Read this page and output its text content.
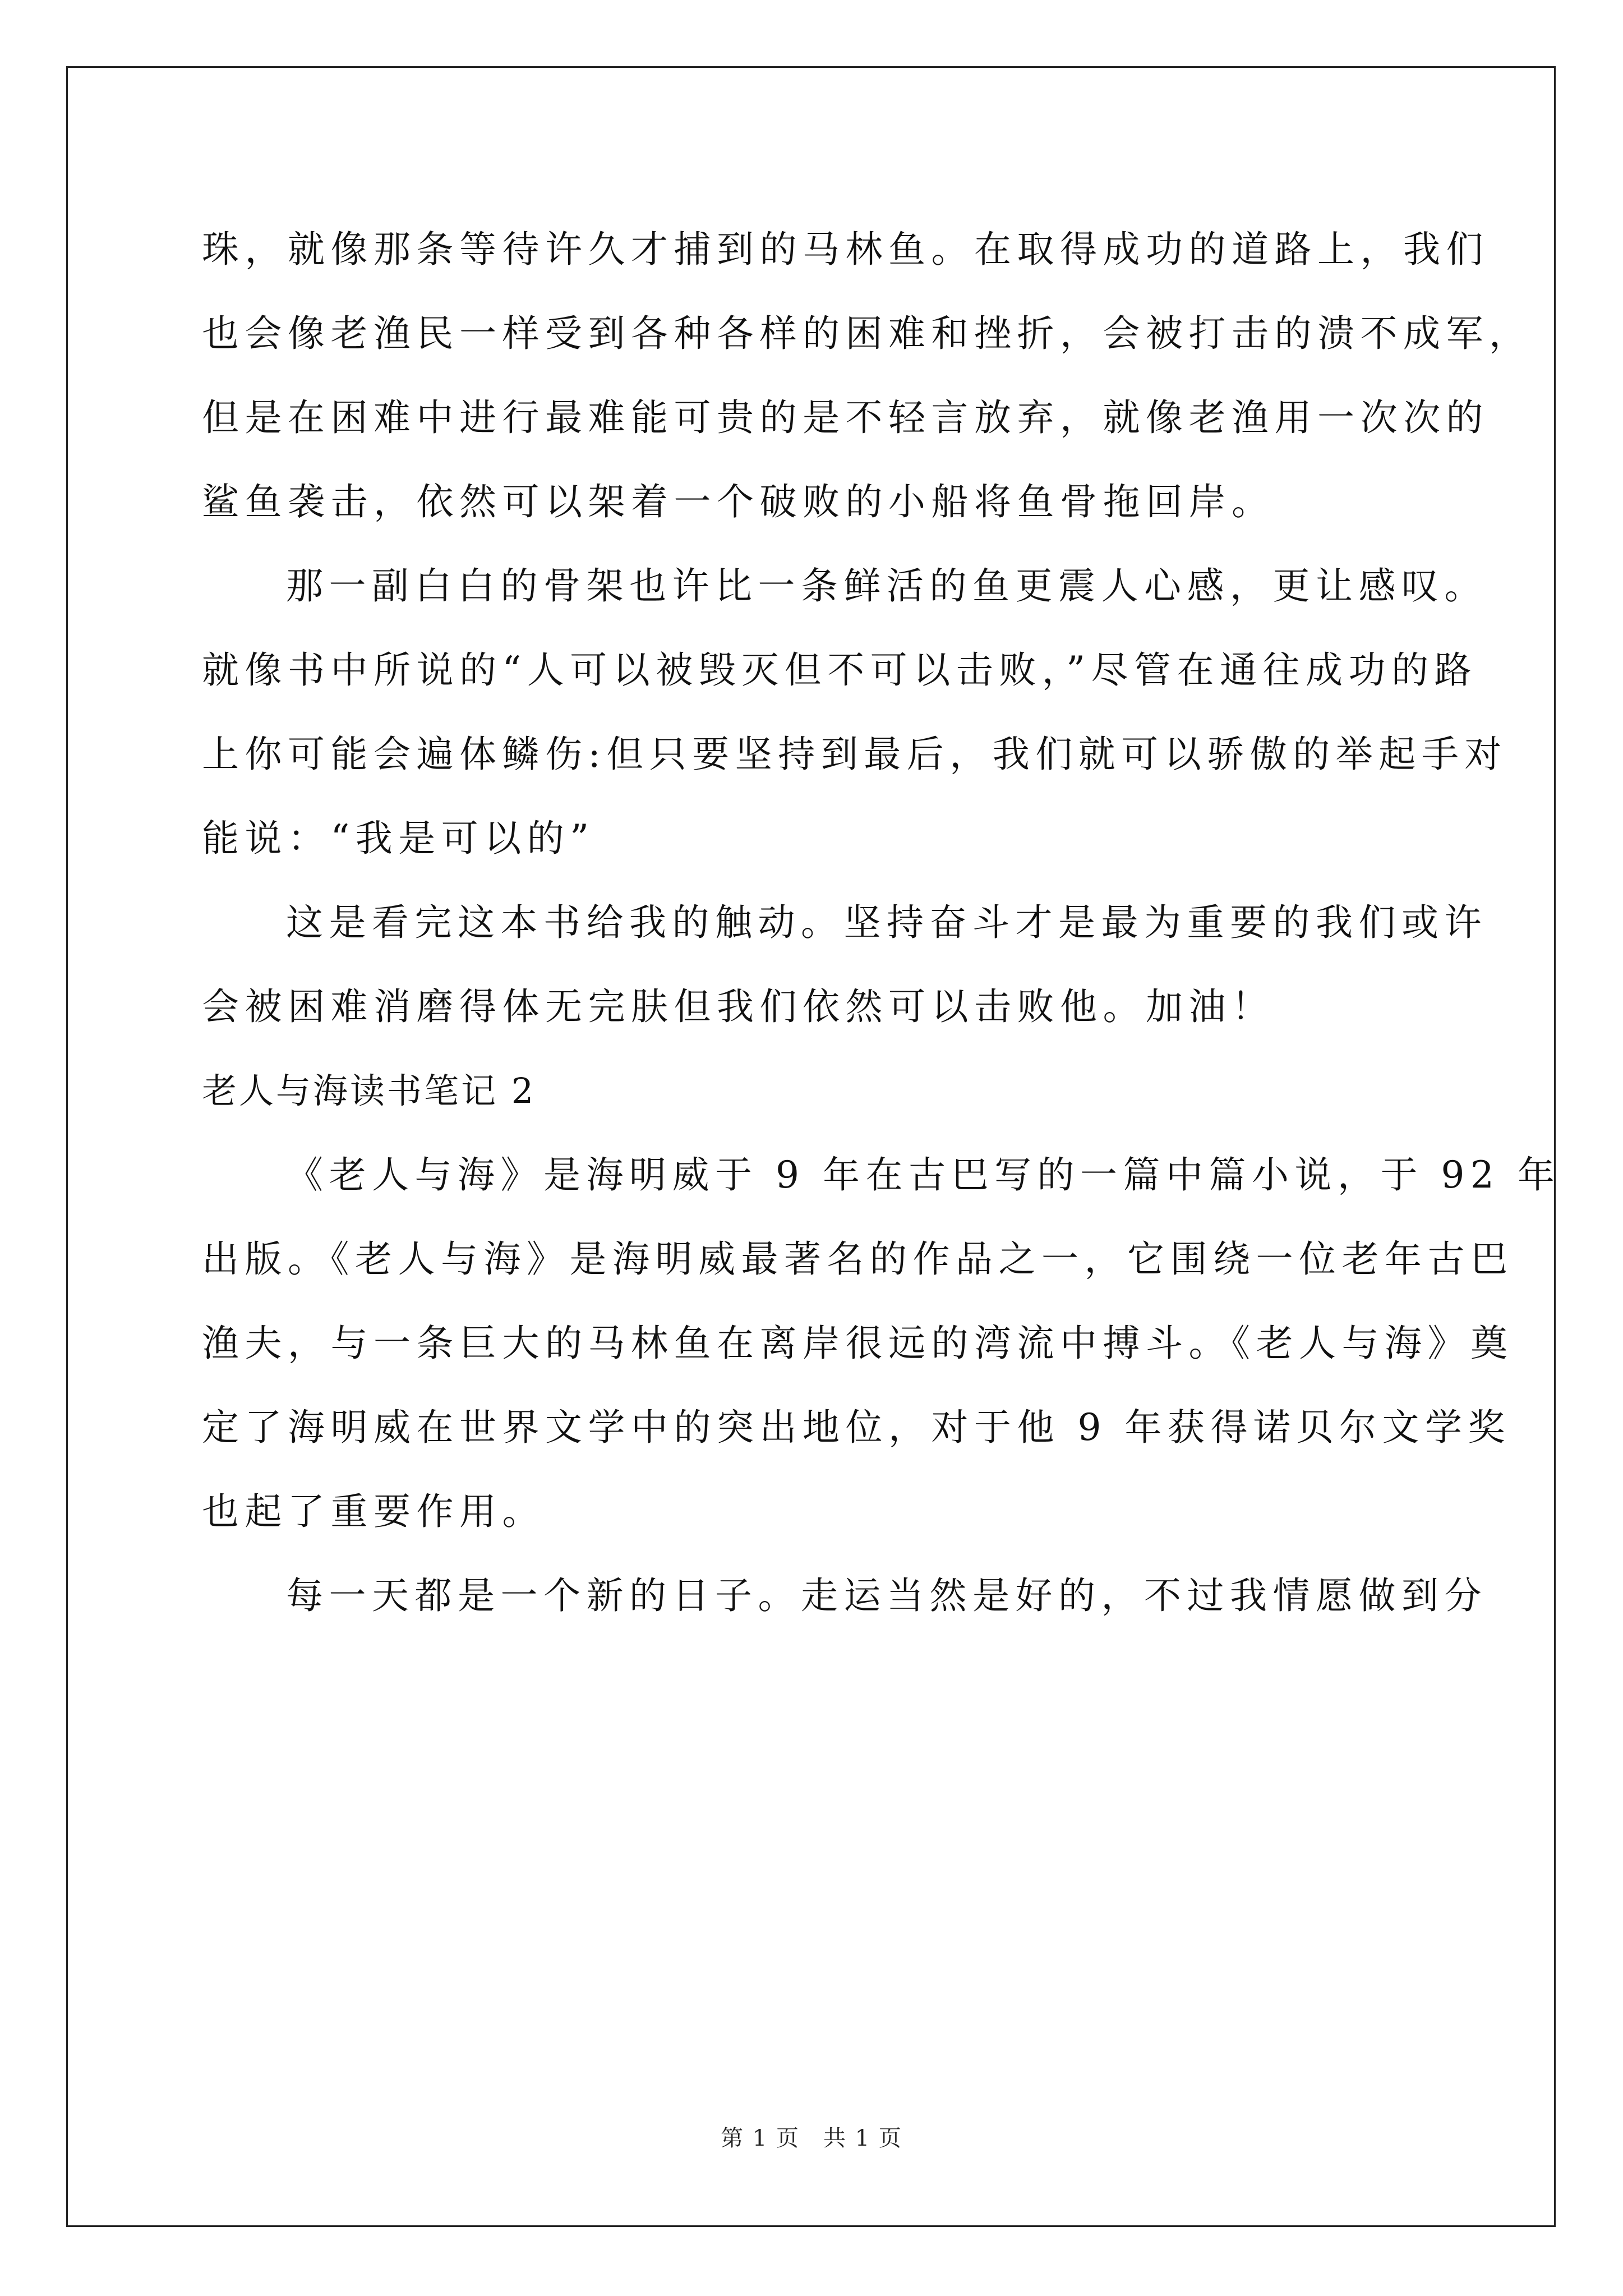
珠，就像那条等待许久才捕到的马林鱼。在取得成功的道路上，我们
也会像老渔民一样受到各种各样的困难和挫折，会被打击的溃不成军，
但是在困难中进行最难能可贵的是不轻言放弃，就像老渔用一次次的
鲨鱼袭击，依然可以架着一个破败的小船将鱼骨拖回岸。
那一副白白的骨架也许比一条鲜活的鱼更震人心感，更让感叹。
就像书中所说的“人可以被毁灭但不可以击败，”尽管在通往成功的路
上你可能会遍体鳞伤:但只要坚持到最后，我们就可以骄傲的举起手对
能说：“我是可以的”
这是看完这本书给我的触动。坚持奋斗才是最为重要的我们或许
会被困难消磨得体无完肤但我们依然可以击败他。加油！
老人与海读书笔记 2
《老人与海》是海明威于 9 年在古巴写的一篇中篇小说，于 92 年
出版。《老人与海》是海明威最著名的作品之一，它围绕一位老年古巴
渔夫，与一条巨大的马林鱼在离岸很远的湾流中搏斗。《老人与海》奠
定了海明威在世界文学中的突出地位，对于他 9 年获得诺贝尔文学奖
也起了重要作用。
每一天都是一个新的日子。走运当然是好的，不过我情愿做到分
第 1 页　共 1 页
